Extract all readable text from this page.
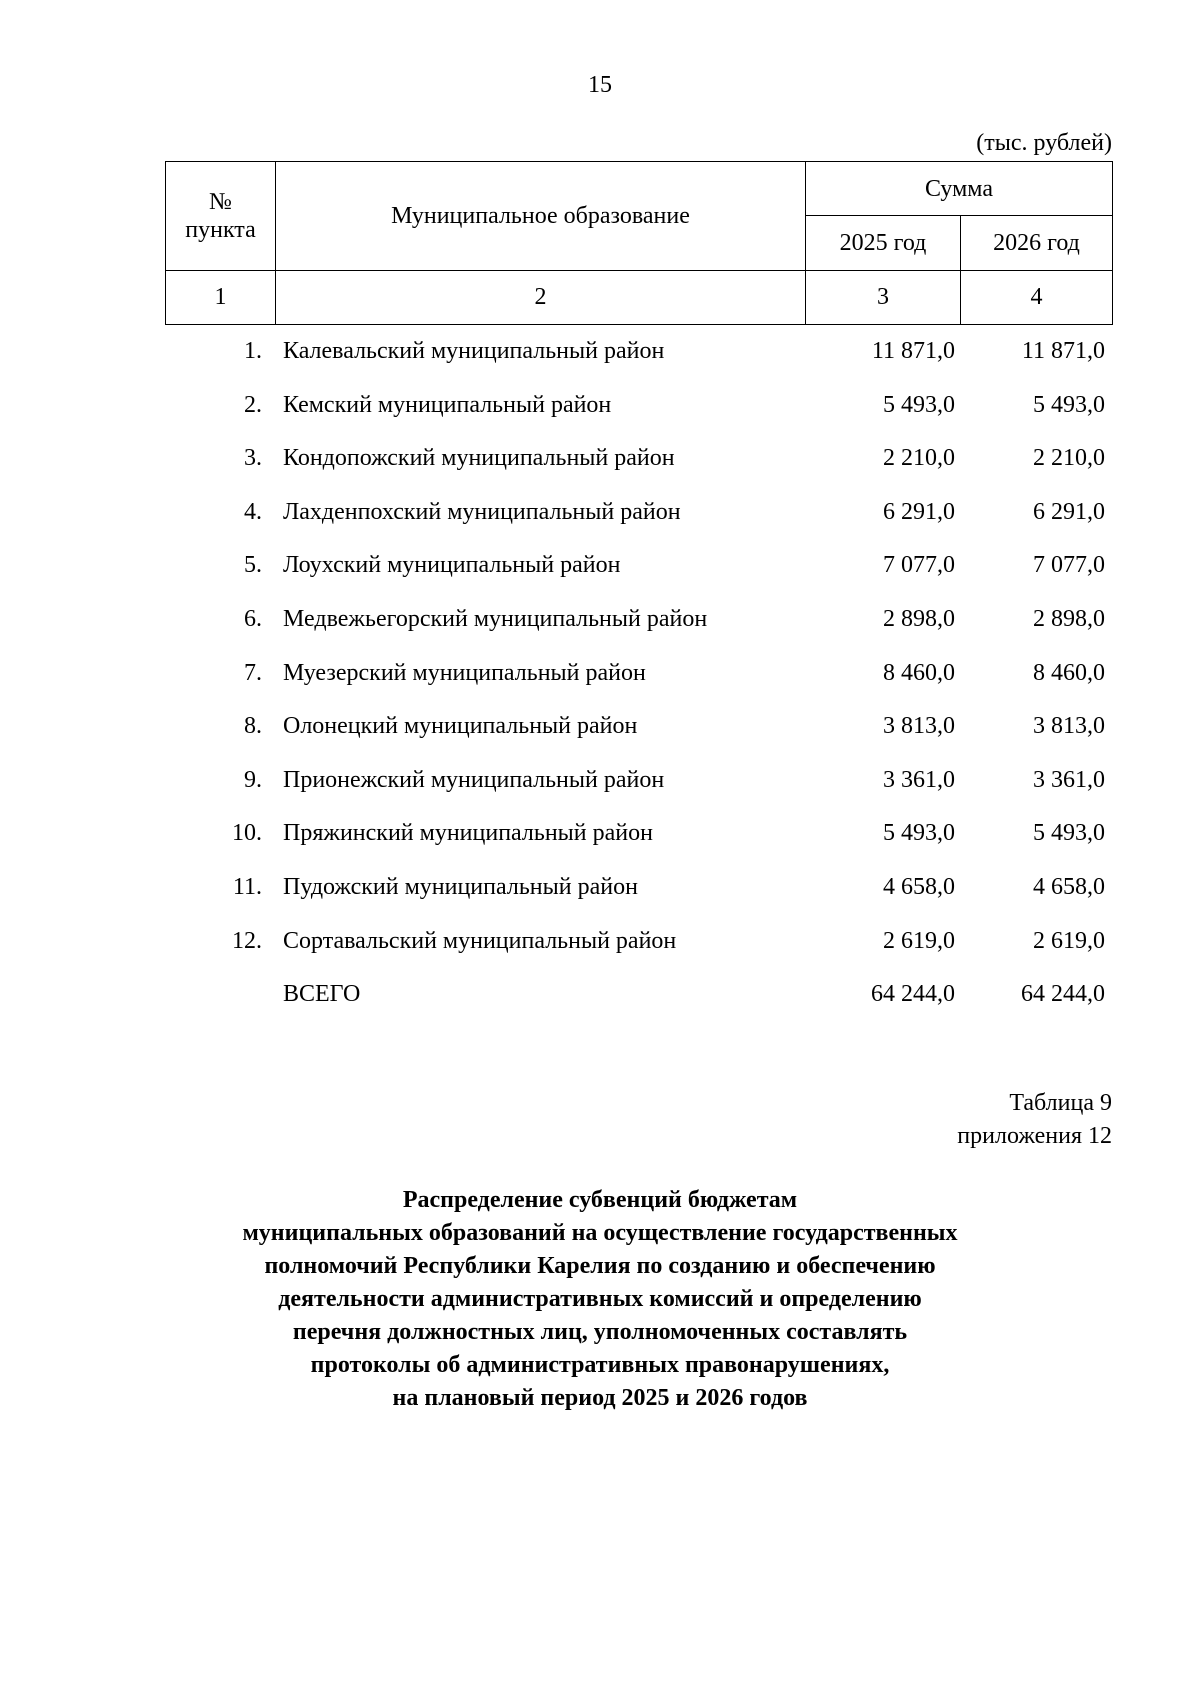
15
(тыс. рублей)
№
пункта	Муниципальное образование	Сумма	
		2025 год	2026 год
1	2	3	4
1. Калевальский муниципальный район	11 871,0	11 871,0
2. Кемский муниципальный район	5 493,0	5 493,0
3. Кондопожский муниципальный район	2 210,0	2 210,0
4. Лахденпохский муниципальный район	6 291,0	6 291,0
5. Лоухский муниципальный район	7 077,0	7 077,0
6. Медвежьегорский муниципальный район	2 898,0	2 898,0
7. Муезерский муниципальный район	8 460,0	8 460,0
8. Олонецкий муниципальный район	3 813,0	3 813,0
9. Прионежский муниципальный район	3 361,0	3 361,0
10. Пряжинский муниципальный район	5 493,0	5 493,0
11. Пудожский муниципальный район	4 658,0	4 658,0
12. Сортавальский муниципальный район	2 619,0	2 619,0
ВСЕГО	64 244,0	64 244,0
Таблица 9
приложения 12
Распределение субвенций бюджетам
муниципальных образований на осуществление государственных
полномочий Республики Карелия по созданию и обеспечению
деятельности административных комиссий и определению
перечня должностных лиц, уполномоченных составлять
протоколы об административных правонарушениях,
на плановый период 2025 и 2026 годов
